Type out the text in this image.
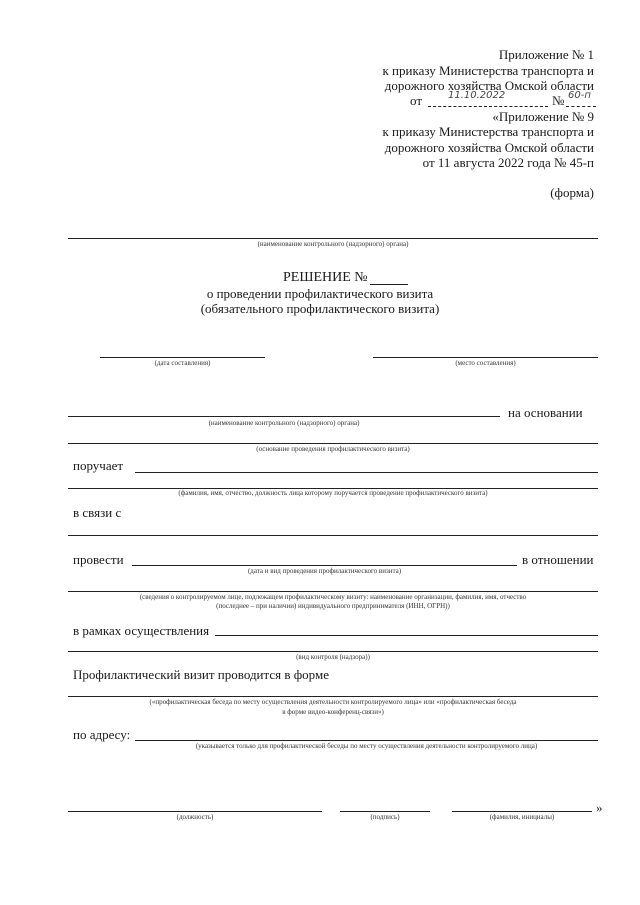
Приложение № 1
к приказу Министерства транспорта и
дорожного хозяйства Омской области
от	11.10.2022	№ 60-п
«Приложение № 9
к приказу Министерства транспорта и
дорожного хозяйства Омской области
от 11 августа 2022 года № 45-п
(форма)
(наименование контрольного (надзорного) органа)
РЕШЕНИЕ №
о проведении профилактического визита
(обязательного профилактического визита)
(дата составления)	(место составления)
на основании
(наименование контрольного (надзорного) органа)
(основание проведения профилактического визита)
поручает
(фамилия, имя, отчество, должность лица которому поручается проведение профилактического визита)
в связи с
провести	в отношении
(дата и вид проведения профилактического визита)
(сведения о контролируемом лице, подлежащем профилактическому визиту: наименование организации, фамилия, имя, отчество
(последнее – при наличии) индивидуального предпринимателя (ИНН, ОГРН))
в рамках осуществления
(вид контроля (надзора))
Профилактический визит проводится в форме
(«профилактическая беседа по месту осуществления деятельности контролируемого лица» или «профилактическая беседа
в форме видео-конференц-связи»)
по адресу:
(указывается только для профилактической беседы по месту осуществления деятельности контролируемого лица)
(должность)	(подпись)	(фамилия, инициалы)
»
